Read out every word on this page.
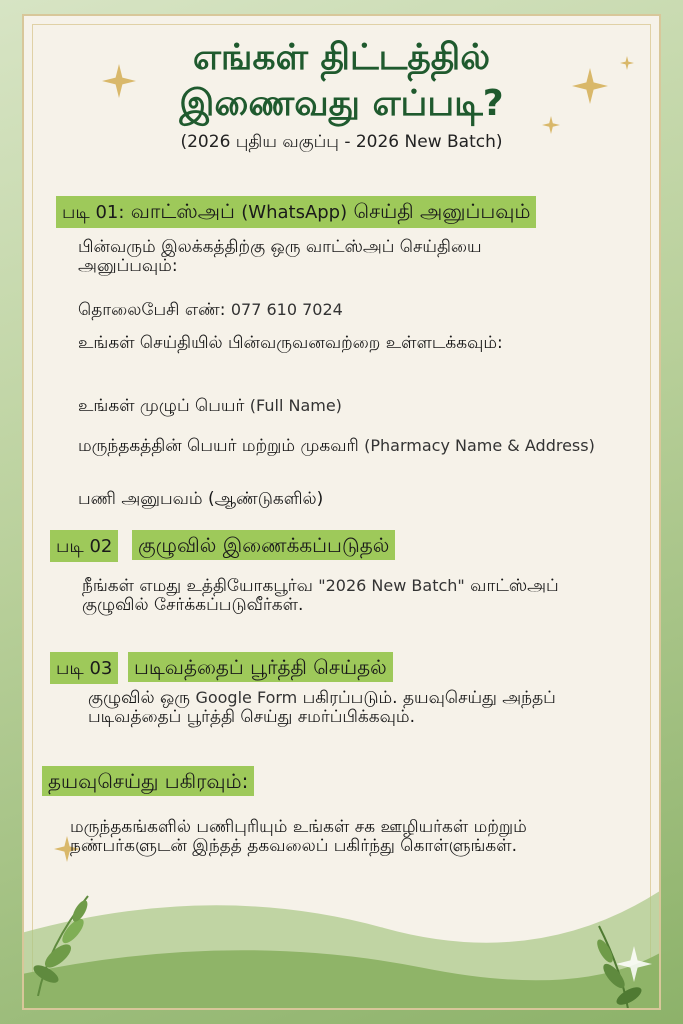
எங்கள் திட்டத்தில்
இணைவது எப்படி?
(2026 புதிய வகுப்பு - 2026 New Batch)
படி 01: வாட்ஸ்அப் (WhatsApp) செய்தி அனுப்பவும்
பின்வரும் இலக்கத்திற்கு ஒரு வாட்ஸ்அப் செய்தியை அனுப்பவும்:
தொலைபேசி எண்: 077 610 7024
உங்கள் செய்தியில் பின்வருவனவற்றை உள்ளடக்கவும்:
உங்கள் முழுப் பெயர் (Full Name)
மருந்தகத்தின் பெயர் மற்றும் முகவரி (Pharmacy Name & Address)
பணி அனுபவம் (ஆண்டுகளில்)
படி 02	குழுவில் இணைக்கப்படுதல்
நீங்கள் எமது உத்தியோகபூர்வ "2026 New Batch" வாட்ஸ்அப் குழுவில் சேர்க்கப்படுவீர்கள்.
படி 03	படிவத்தைப் பூர்த்தி செய்தல்
குழுவில் ஒரு Google Form பகிரப்படும். தயவுசெய்து அந்தப் படிவத்தைப் பூர்த்தி செய்து சமர்ப்பிக்கவும்.
தயவுசெய்து பகிரவும்:
மருந்தகங்களில் பணிபுரியும் உங்கள் சக ஊழியர்கள் மற்றும் நண்பர்களுடன் இந்தத் தகவலைப் பகிர்ந்து கொள்ளுங்கள்.
